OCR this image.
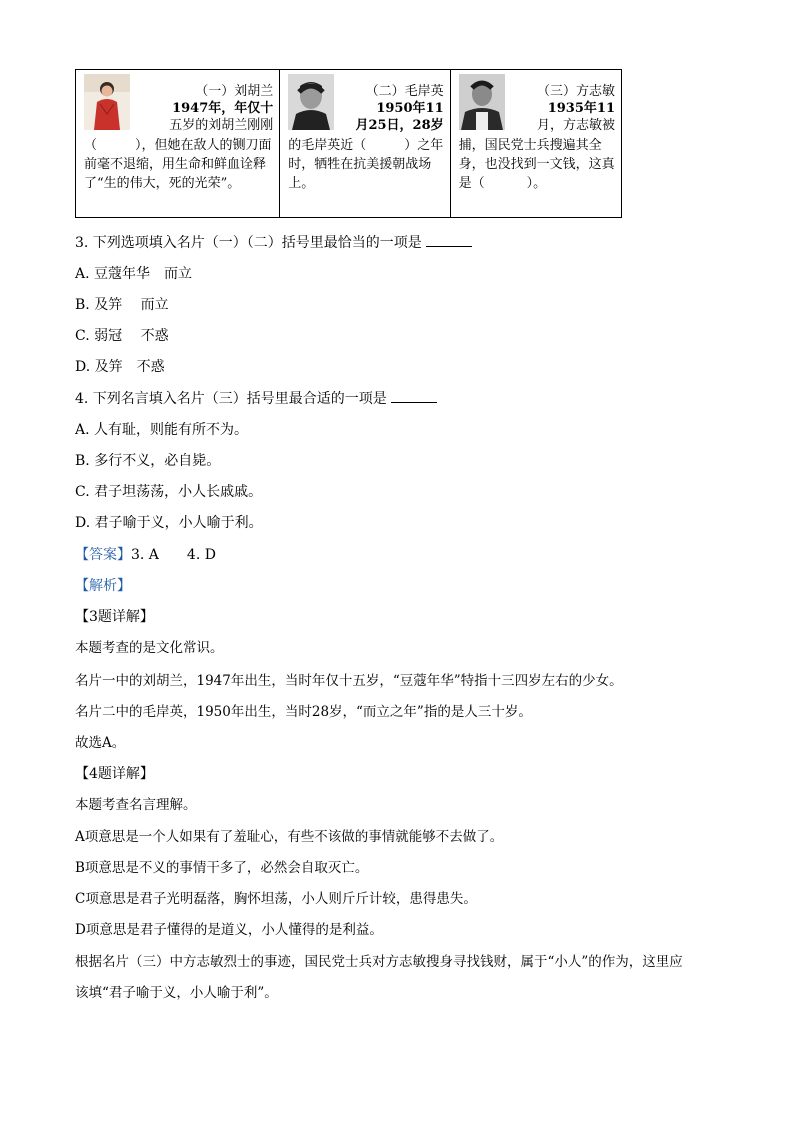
（一）刘胡兰
1947年，年仅十
五岁的刘胡兰刚刚
（	），但她在敌人的铡刀面前毫不退缩，用生命和鲜血诠释了“生的伟大，死的光荣”。
（二）毛岸英
1950年11
月25日，28岁
的毛岸英近（	）之年时，牺牲在抗美援朝战场上。
（三）方志敏
1935年11
月，方志敏被
捕，国民党士兵搜遍其全身，也没找到一文钱，这真是（	）。
3. 下列选项填入名片（一）（二）括号里最恰当的一项是
A. 豆蔻年华　而立
B. 及笄　 而立
C. 弱冠　 不惑
D. 及笄　不惑
4. 下列名言填入名片（三）括号里最合适的一项是
A. 人有耻，则能有所不为。
B. 多行不义，必自毙。
C. 君子坦荡荡，小人长戚戚。
D. 君子喻于义，小人喻于利。
【答案】3. A　　4. D
【解析】
【3题详解】
本题考查的是文化常识。
名片一中的刘胡兰，1947年出生，当时年仅十五岁，“豆蔻年华”特指十三四岁左右的少女。
名片二中的毛岸英，1950年出生，当时28岁，“而立之年”指的是人三十岁。
故选A。
【4题详解】
本题考查名言理解。
A项意思是一个人如果有了羞耻心，有些不该做的事情就能够不去做了。
B项意思是不义的事情干多了，必然会自取灭亡。
C项意思是君子光明磊落，胸怀坦荡，小人则斤斤计较，患得患失。
D项意思是君子懂得的是道义，小人懂得的是利益。
根据名片（三）中方志敏烈士的事迹，国民党士兵对方志敏搜身寻找钱财，属于“小人”的作为，这里应
该填“君子喻于义，小人喻于利”。
